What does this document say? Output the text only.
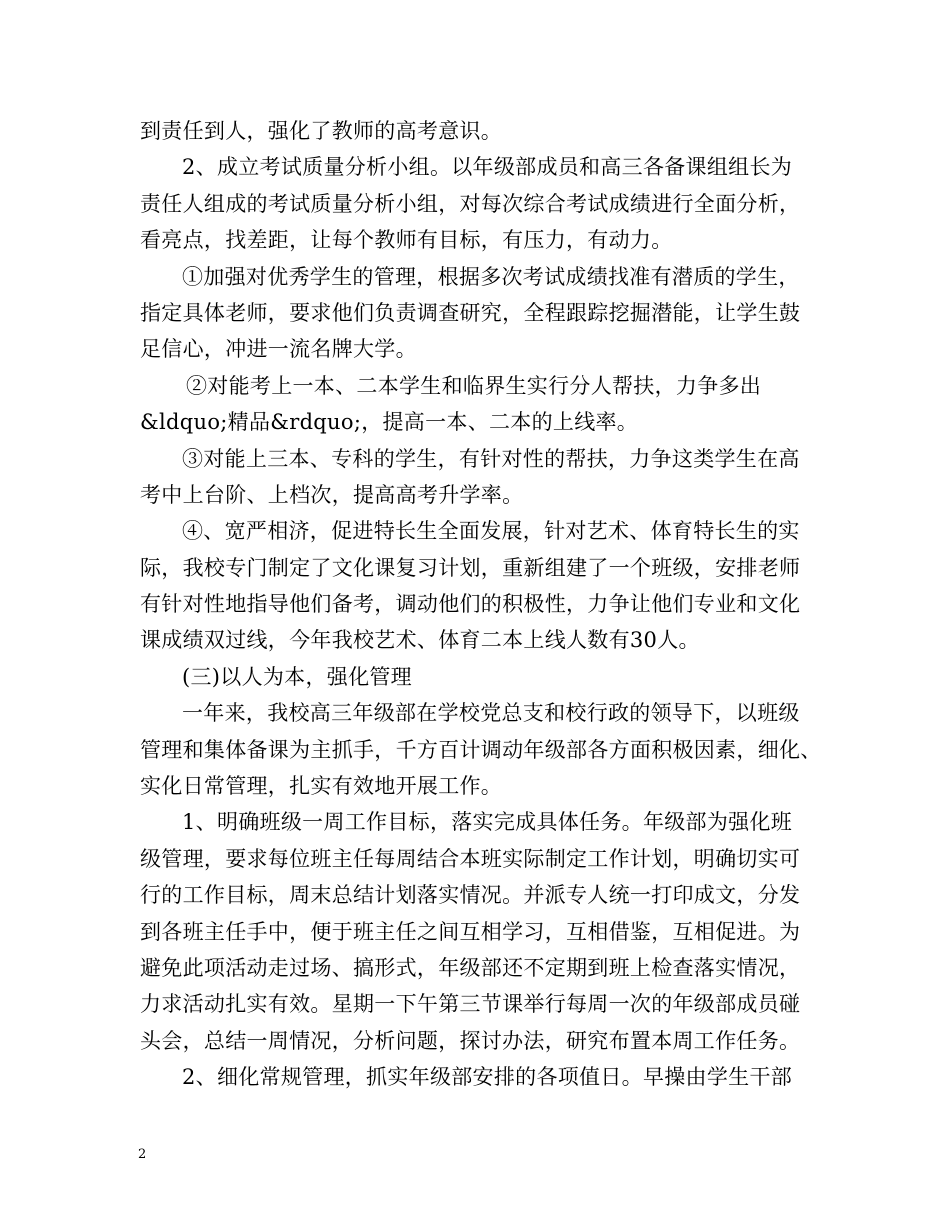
到责任到人，强化了教师的高考意识。
2、成立考试质量分析小组。以年级部成员和高三各备课组组长为
责任人组成的考试质量分析小组，对每次综合考试成绩进行全面分析，
看亮点，找差距，让每个教师有目标，有压力，有动力。
①加强对优秀学生的管理，根据多次考试成绩找准有潜质的学生，
指定具体老师，要求他们负责调查研究，全程跟踪挖掘潜能，让学生鼓
足信心，冲进一流名牌大学。
②对能考上一本、二本学生和临界生实行分人帮扶，力争多出
&ldquo;精品&rdquo;，提高一本、二本的上线率。
③对能上三本、专科的学生，有针对性的帮扶，力争这类学生在高
考中上台阶、上档次，提高高考升学率。
④、宽严相济，促进特长生全面发展，针对艺术、体育特长生的实
际，我校专门制定了文化课复习计划，重新组建了一个班级，安排老师
有针对性地指导他们备考，调动他们的积极性，力争让他们专业和文化
课成绩双过线，今年我校艺术、体育二本上线人数有30人。
(三)以人为本，强化管理
一年来，我校高三年级部在学校党总支和校行政的领导下，以班级
管理和集体备课为主抓手，千方百计调动年级部各方面积极因素，细化、
实化日常管理，扎实有效地开展工作。
1、明确班级一周工作目标，落实完成具体任务。年级部为强化班
级管理，要求每位班主任每周结合本班实际制定工作计划，明确切实可
行的工作目标，周末总结计划落实情况。并派专人统一打印成文，分发
到各班主任手中，便于班主任之间互相学习，互相借鉴，互相促进。为
避免此项活动走过场、搞形式，年级部还不定期到班上检查落实情况，
力求活动扎实有效。星期一下午第三节课举行每周一次的年级部成员碰
头会，总结一周情况，分析问题，探讨办法，研究布置本周工作任务。
2、细化常规管理，抓实年级部安排的各项值日。早操由学生干部
2
